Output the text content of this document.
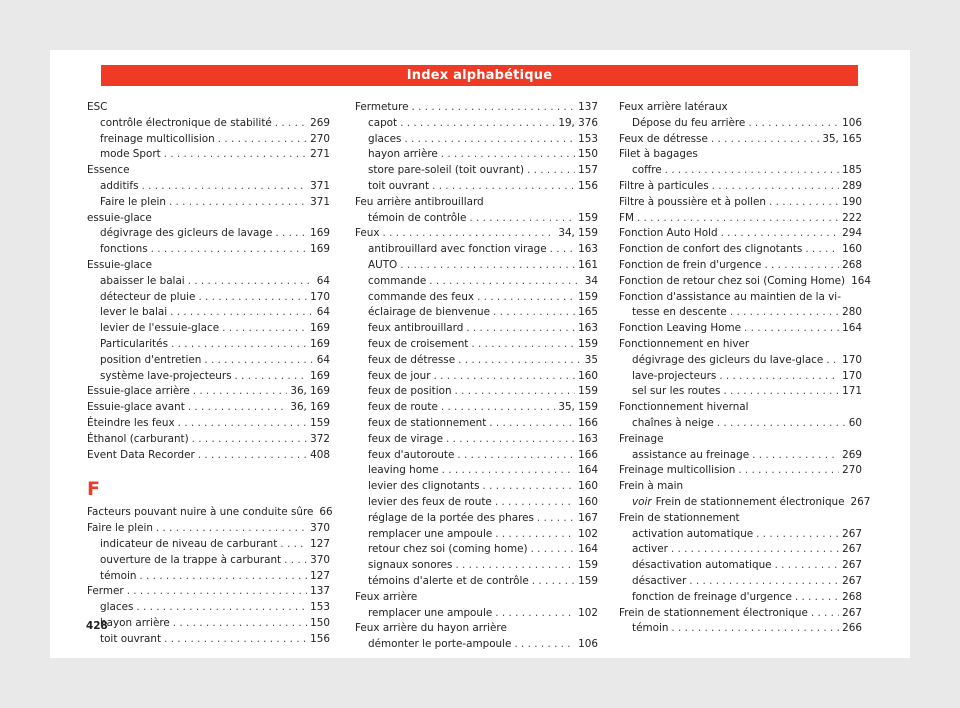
Index alphabétique
ESC
contrôle électronique de stabilité . . .	269
freinage multicollision . . .	270
mode Sport . . .	271
Essence
additifs . . .	371
Faire le plein . . .	371
essuie-glace
dégivrage des gicleurs de lavage . . .	169
fonctions . . .	169
Essuie-glace
abaisser le balai . . .	64
détecteur de pluie . . .	170
lever le balai . . .	64
levier de l'essuie-glace . . .	169
Particularités . . .	169
position d'entretien . . .	64
système lave-projecteurs . . .	169
Essuie-glace arrière . . .	36, 169
Essuie-glace avant . . .	36, 169
Éteindre les feux . . .	159
Éthanol (carburant) . . .	372
Event Data Recorder . . .	408
F
Facteurs pouvant nuire à une conduite sûre 66
Faire le plein . . .	370
indicateur de niveau de carburant . . .	127
ouverture de la trappe à carburant . . .	370
témoin . . .	127
Fermer . . .	137
glaces . . .	153
hayon arrière . . .	150
toit ouvrant . . .	156
Fermeture . . .	137
capot . . .	19, 376
glaces . . .	153
hayon arrière . . .	150
store pare-soleil (toit ouvrant) . . .	157
toit ouvrant . . .	156
Feu arrière antibrouillard
témoin de contrôle . . .	159
Feux . . .	34, 159
antibrouillard avec fonction virage . . .	163
AUTO . . .	161
commande . . .	34
commande des feux . . .	159
éclairage de bienvenue . . .	165
feux antibrouillard . . .	163
feux de croisement . . .	159
feux de détresse . . .	35
feux de jour . . .	160
feux de position . . .	159
feux de route . . .	35, 159
feux de stationnement . . .	166
feux de virage . . .	163
feux d'autoroute . . .	166
leaving home . . .	164
levier des clignotants . . .	160
levier des feux de route . . .	160
réglage de la portée des phares . . .	167
remplacer une ampoule . . .	102
retour chez soi (coming home) . . .	164
signaux sonores . . .	159
témoins d'alerte et de contrôle . . .	159
Feux arrière
remplacer une ampoule . . .	102
Feux arrière du hayon arrière
démonter le porte-ampoule . . .	106
Feux arrière latéraux
Dépose du feu arrière . . .	106
Feux de détresse . . .	35, 165
Filet à bagages
coffre . . .	185
Filtre à particules . . .	289
Filtre à poussière et à pollen . . .	190
FM . . .	222
Fonction Auto Hold . . .	294
Fonction de confort des clignotants . . .	160
Fonction de frein d'urgence . . .	268
Fonction de retour chez soi (Coming Home) 164
Fonction d'assistance au maintien de la vi-
tesse en descente . . .	280
Fonction Leaving Home . . .	164
Fonctionnement en hiver
dégivrage des gicleurs du lave-glace . . . 170
lave-projecteurs . . .	170
sel sur les routes . . .	171
Fonctionnement hivernal
chaînes à neige . . .	60
Freinage
assistance au freinage . . .	269
Freinage multicollision . . .	270
Frein à main
voir Frein de stationnement électronique 267
Frein de stationnement
activation automatique . . .	267
activer . . .	267
désactivation automatique . . .	267
désactiver . . .	267
fonction de freinage d'urgence . . .	268
Frein de stationnement électronique . . .	267
témoin . . .	266
428
